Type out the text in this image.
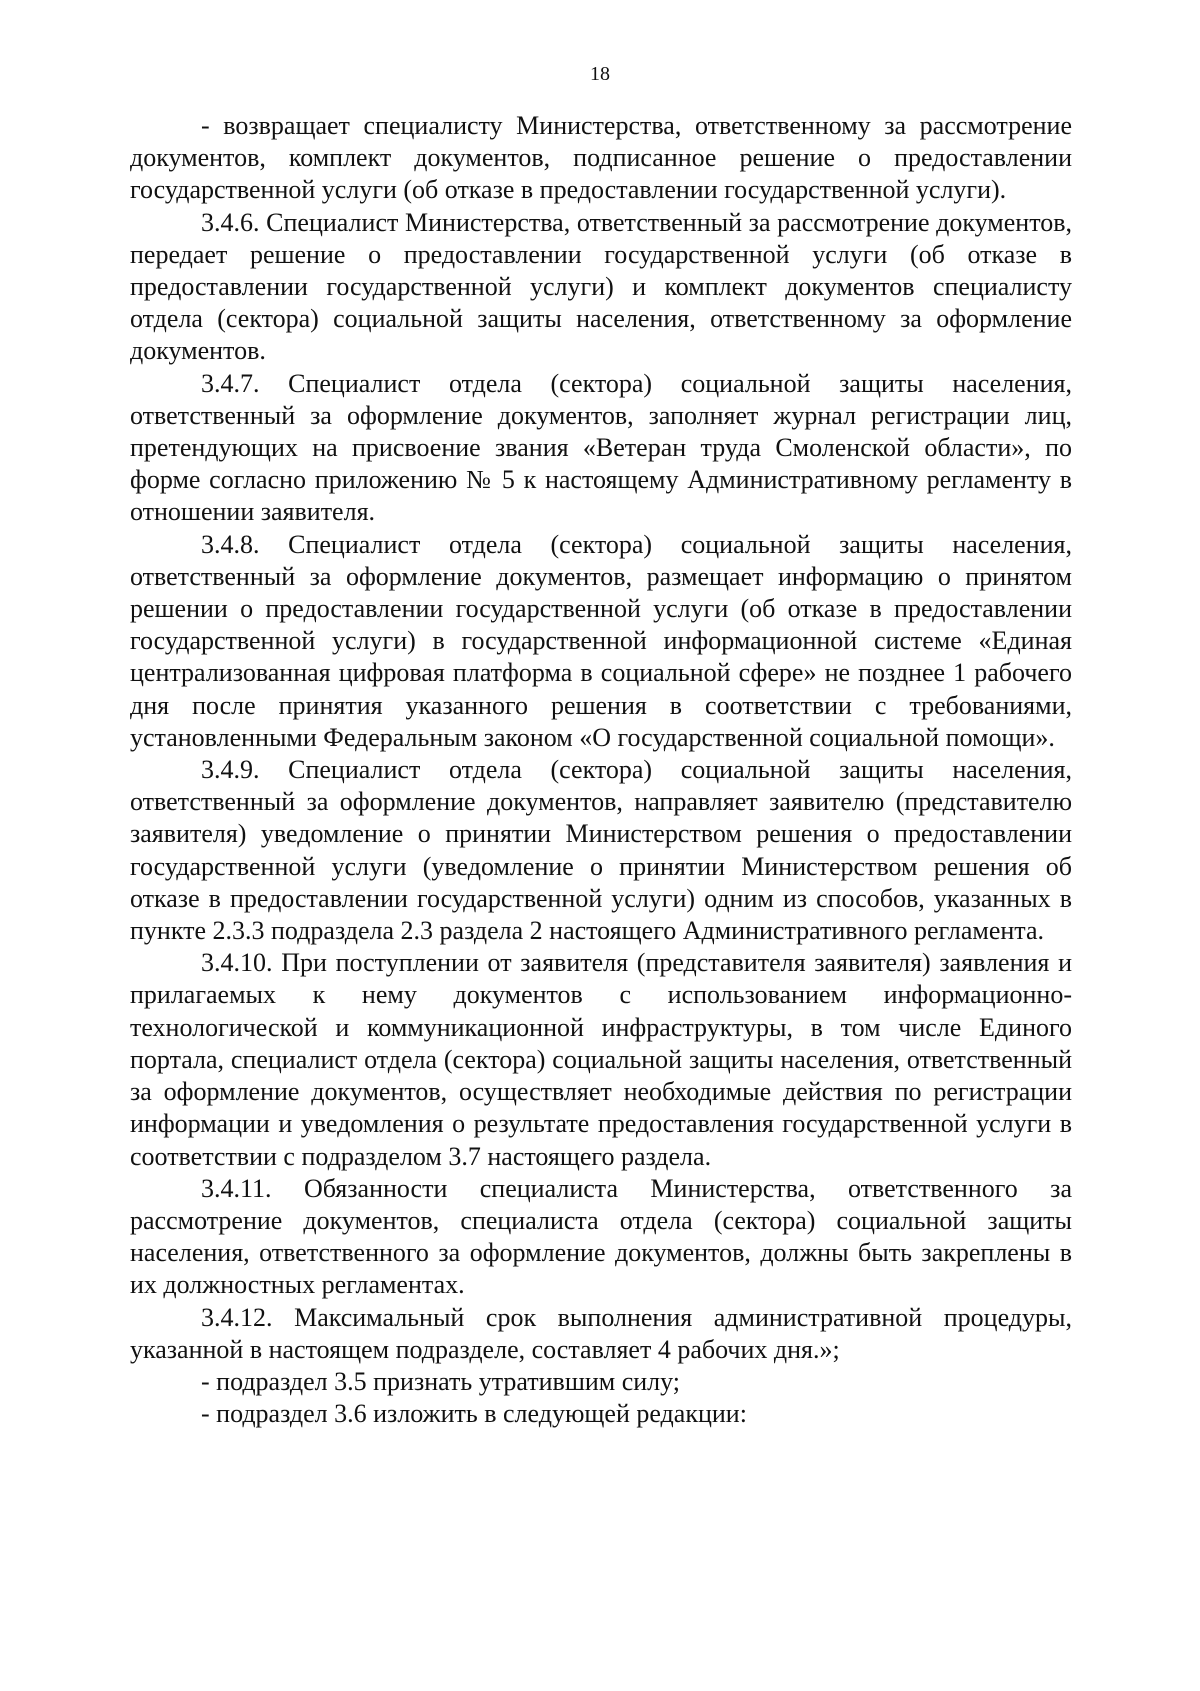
18

- возвращает специалисту Министерства, ответственному за рассмотрение документов, комплект документов, подписанное решение о предоставлении государственной услуги (об отказе в предоставлении государственной услуги).

3.4.6. Специалист Министерства, ответственный за рассмотрение документов, передает решение о предоставлении государственной услуги (об отказе в предоставлении государственной услуги) и комплект документов специалисту отдела (сектора) социальной защиты населения, ответственному за оформление документов.

3.4.7. Специалист отдела (сектора) социальной защиты населения, ответственный за оформление документов, заполняет журнал регистрации лиц, претендующих на присвоение звания «Ветеран труда Смоленской области», по форме согласно приложению № 5 к настоящему Административному регламенту в отношении заявителя.

3.4.8. Специалист отдела (сектора) социальной защиты населения, ответственный за оформление документов, размещает информацию о принятом решении о предоставлении государственной услуги (об отказе в предоставлении государственной услуги) в государственной информационной системе «Единая централизованная цифровая платформа в социальной сфере» не позднее 1 рабочего дня после принятия указанного решения в соответствии с требованиями, установленными Федеральным законом «О государственной социальной помощи».

3.4.9. Специалист отдела (сектора) социальной защиты населения, ответственный за оформление документов, направляет заявителю (представителю заявителя) уведомление о принятии Министерством решения о предоставлении государственной услуги (уведомление о принятии Министерством решения об отказе в предоставлении государственной услуги) одним из способов, указанных в пункте 2.3.3 подраздела 2.3 раздела 2 настоящего Административного регламента.

3.4.10. При поступлении от заявителя (представителя заявителя) заявления и прилагаемых к нему документов с использованием информационно-технологической и коммуникационной инфраструктуры, в том числе Единого портала, специалист отдела (сектора) социальной защиты населения, ответственный за оформление документов, осуществляет необходимые действия по регистрации информации и уведомления о результате предоставления государственной услуги в соответствии с подразделом 3.7 настоящего раздела.

3.4.11. Обязанности специалиста Министерства, ответственного за рассмотрение документов, специалиста отдела (сектора) социальной защиты населения, ответственного за оформление документов, должны быть закреплены в их должностных регламентах.

3.4.12. Максимальный срок выполнения административной процедуры, указанной в настоящем подразделе, составляет 4 рабочих дня.»;

- подраздел 3.5 признать утратившим силу;

- подраздел 3.6 изложить в следующей редакции:
